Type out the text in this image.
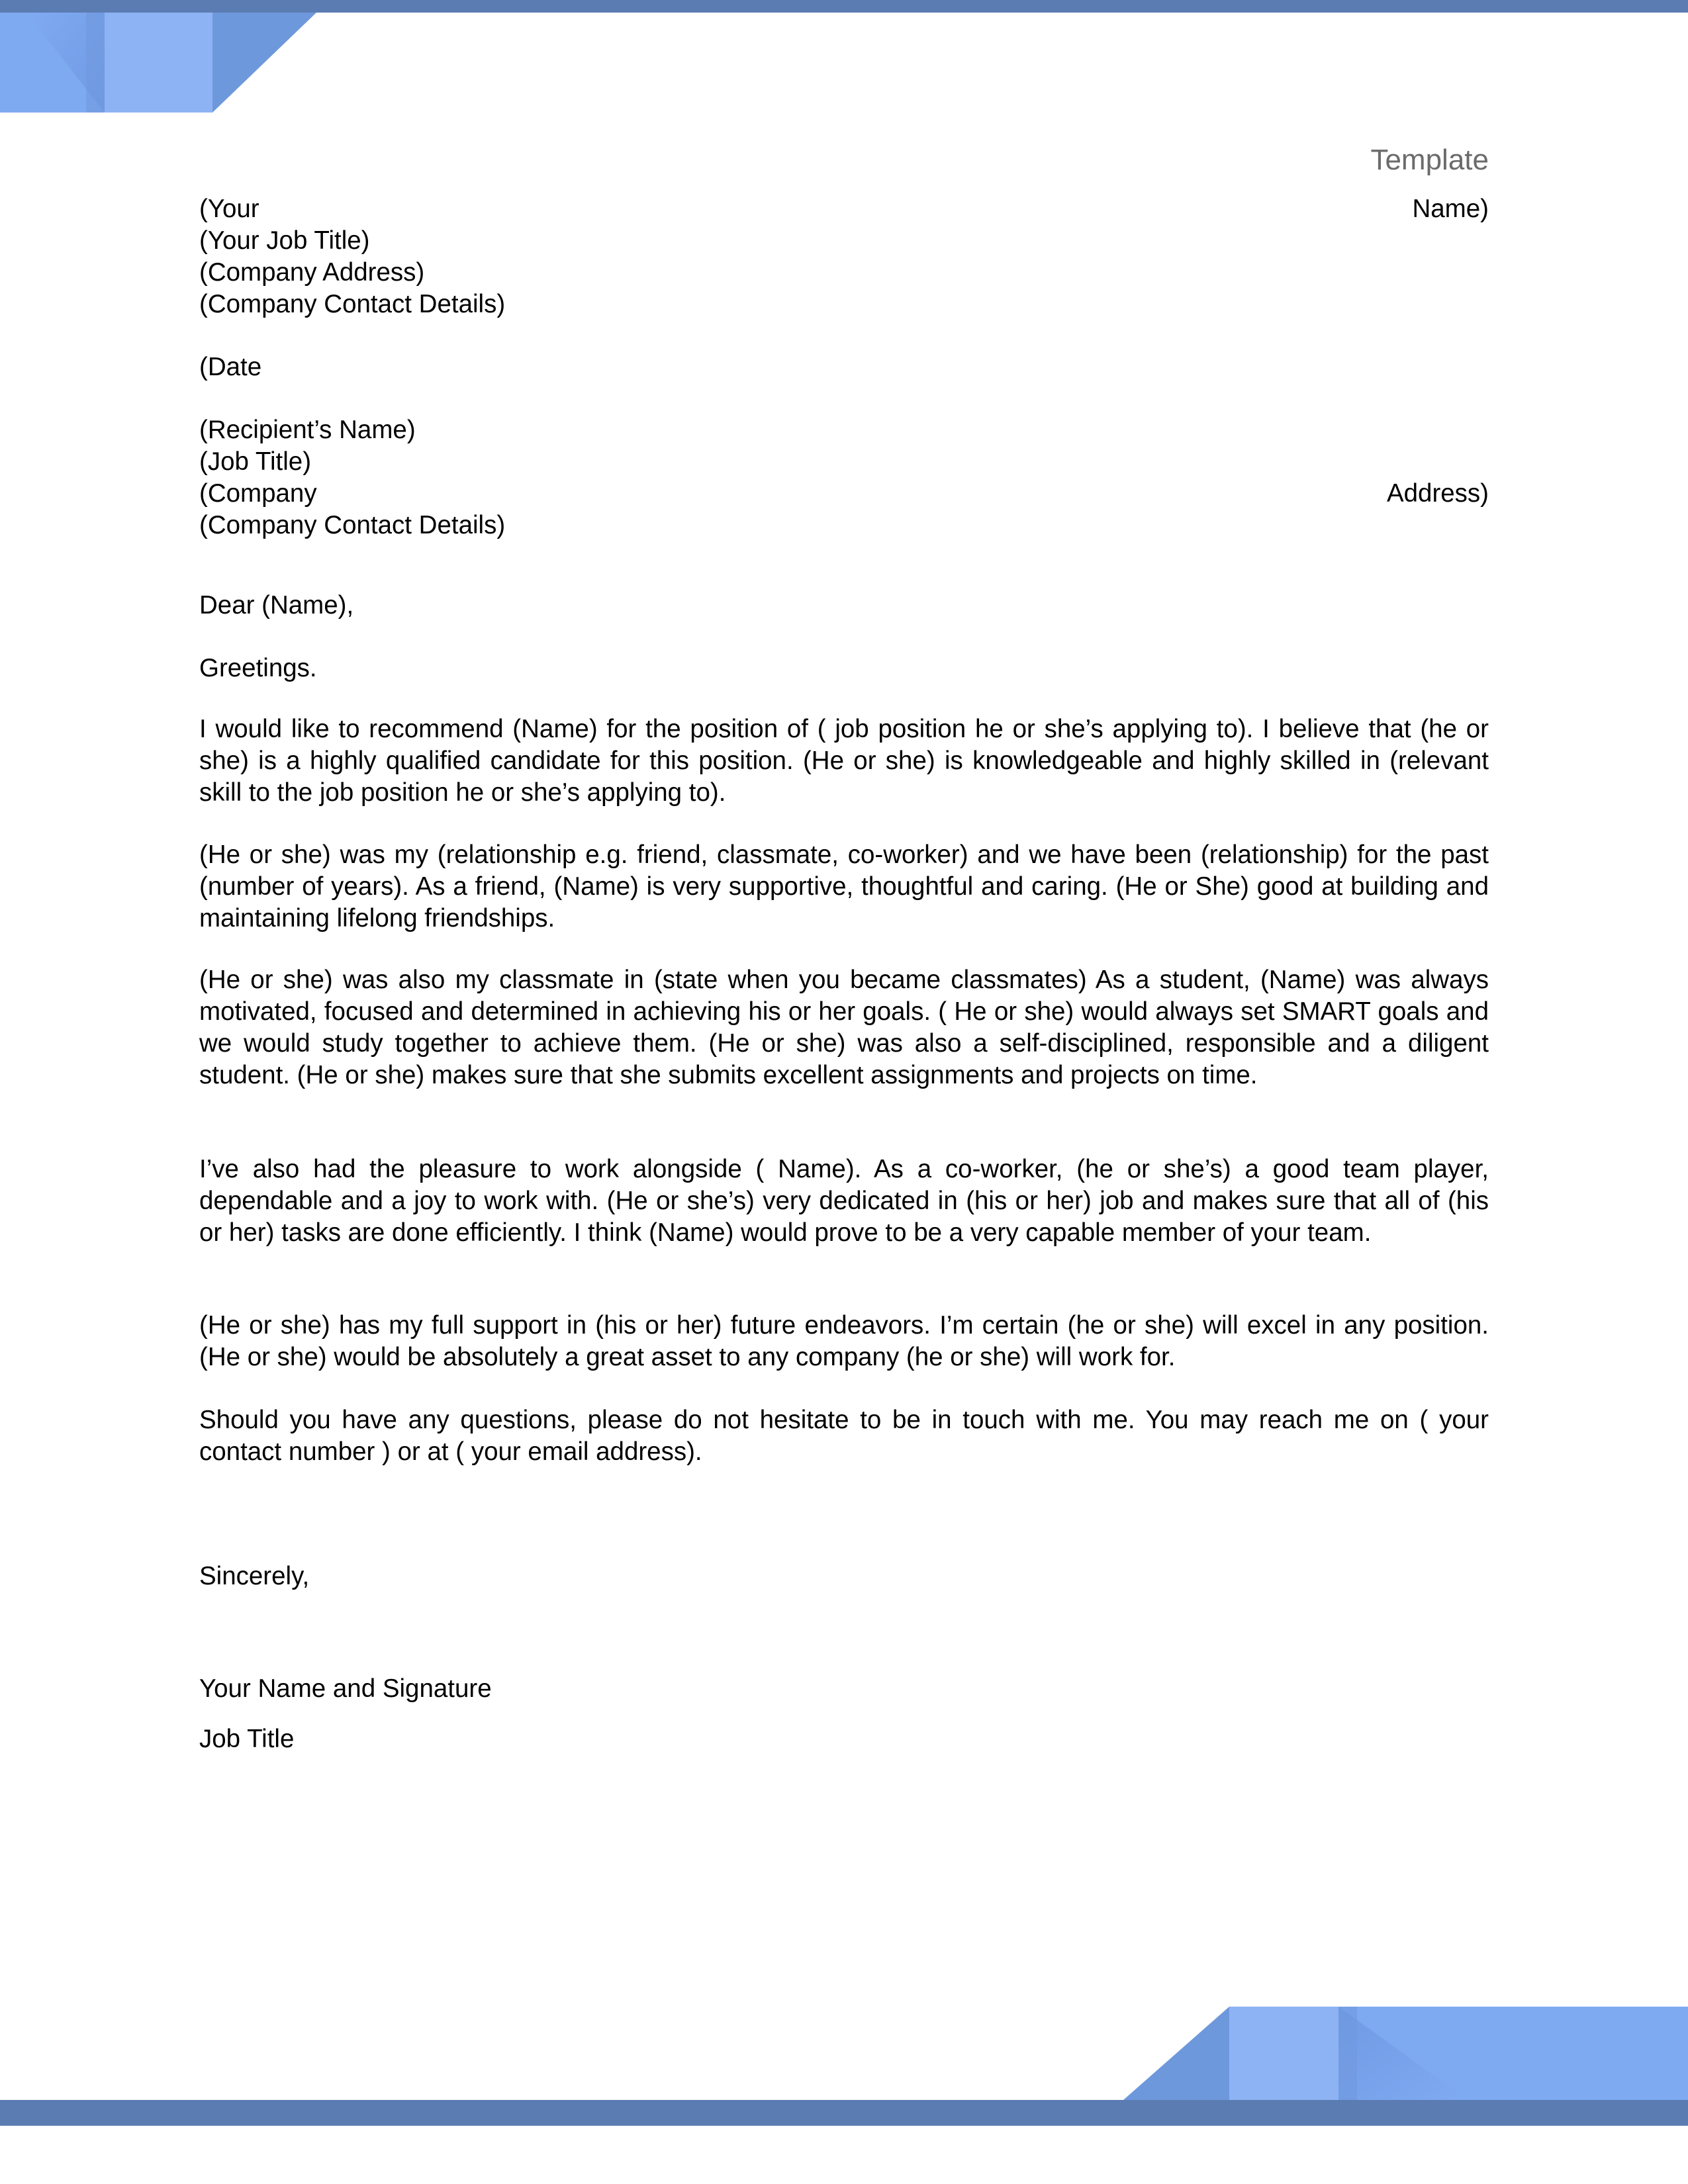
Template
(Your	Name)
(Your Job Title)
(Company Address)
(Company Contact Details)
(Date
(Recipient’s Name)
(Job Title)
(Company	Address)
(Company Contact Details)
Dear (Name),
Greetings.
I would like to recommend (Name) for the position of ( job position he or she’s applying to). I believe that (he or she) is a highly qualified candidate for this position. (He or she) is knowledgeable and highly skilled in (relevant skill to the job position he or she’s applying to).
(He or she) was my (relationship e.g. friend, classmate, co-worker) and we have been (relationship) for the past (number of years). As a friend, (Name) is very supportive, thoughtful and caring. (He or She) good at building and maintaining lifelong friendships.
(He or she) was also my classmate in (state when you became classmates) As a student, (Name) was always motivated, focused and determined in achieving his or her goals. ( He or she) would always set SMART goals and we would study together to achieve them. (He or she) was also a self-disciplined, responsible and a diligent student. (He or she) makes sure that she submits excellent assignments and projects on time.
I’ve also had the pleasure to work alongside ( Name). As a co-worker, (he or she’s) a good team player, dependable and a joy to work with. (He or she’s) very dedicated in (his or her) job and makes sure that all of (his or her) tasks are done efficiently. I think (Name) would prove to be a very capable member of your team.
(He or she) has my full support in (his or her) future endeavors. I’m certain (he or she) will excel in any position. (He or she) would be absolutely a great asset to any company (he or she) will work for.
Should you have any questions, please do not hesitate to be in touch with me. You may reach me on ( your contact number ) or at ( your email address).
Sincerely,
Your Name and Signature
Job Title
